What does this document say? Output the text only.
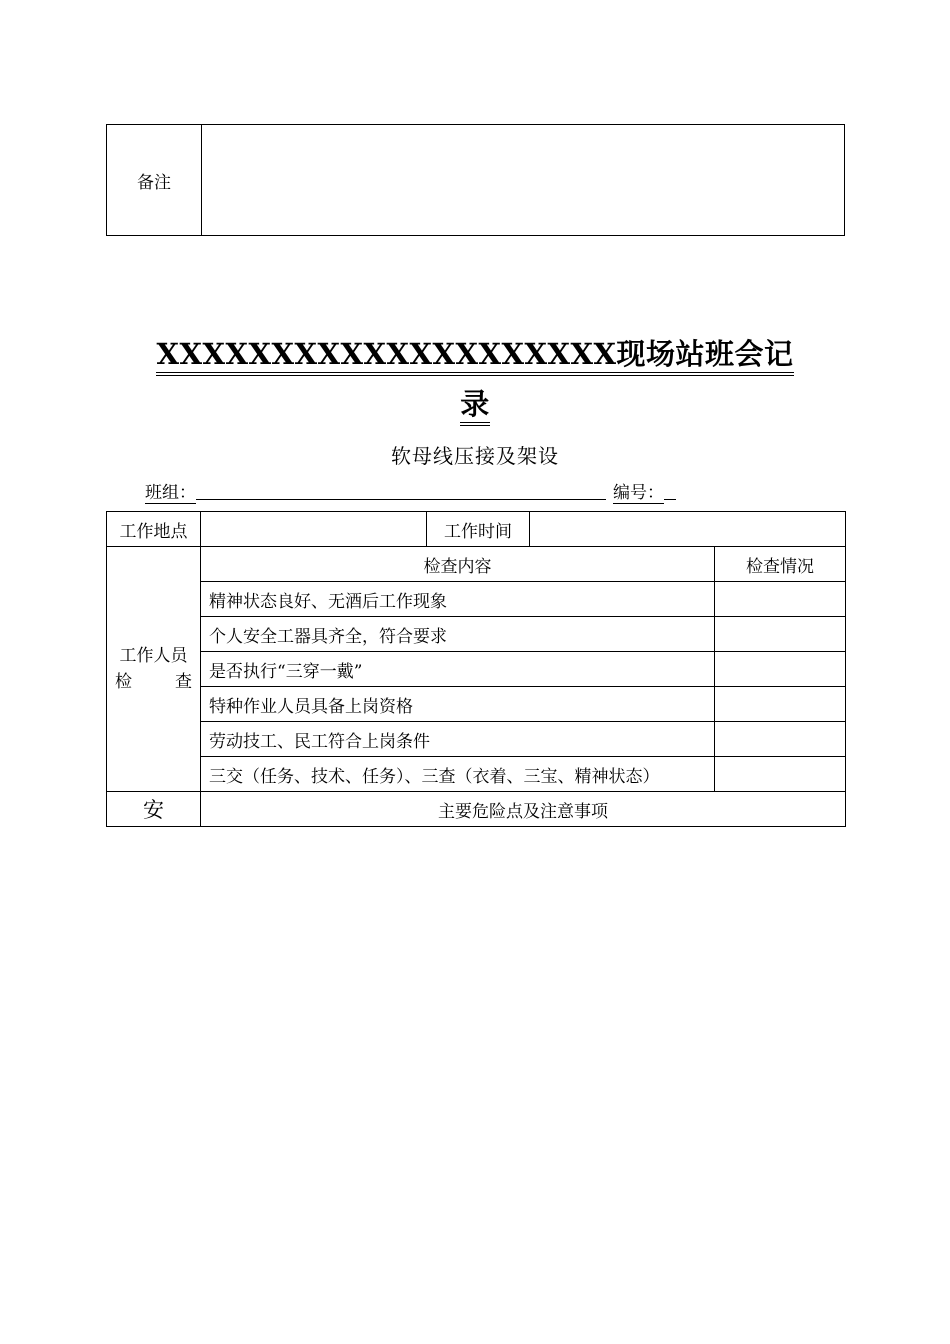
备注	
XXXXXXXXXXXXXXXXXXXX现场站班会记
录
软母线压接及架设
班组：	编号：
工作地点		工作时间		

工作人员
检 查	检查内容			检查情况
	精神状态良好、无酒后工作现象			
	个人安全工器具齐全，符合要求			
	是否执行“三穿一戴”			
	特种作业人员具备上岗资格			
	劳动技工、民工符合上岗条件			
	三交（任务、技术、任务）、三查（衣着、三宝、精神状态）			
安	主要危险点及注意事项			
